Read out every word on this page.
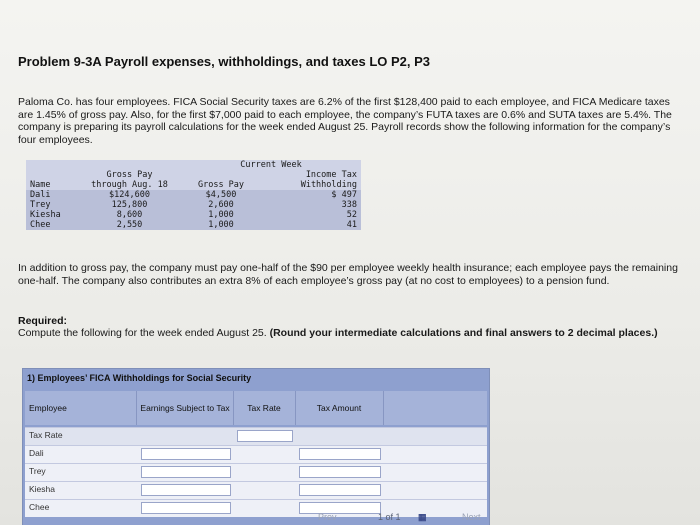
Problem 9-3A Payroll expenses, withholdings, and taxes LO P2, P3
Paloma Co. has four employees. FICA Social Security taxes are 6.2% of the first $128,400 paid to each employee, and FICA Medicare taxes are 1.45% of gross pay. Also, for the first $7,000 paid to each employee, the company’s FUTA taxes are 0.6% and SUTA taxes are 5.4%. The company is preparing its payroll calculations for the week ended August 25. Payroll records show the following information for the company’s four employees.
		Current Week	
	Gross Pay		Income Tax
Name	through Aug. 18	Gross Pay	Withholding
Dali	$124,600	$4,500	$ 497
Trey	125,800	2,600	338
Kiesha	8,600	1,000	52
Chee	2,550	1,000	41
In addition to gross pay, the company must pay one-half of the $90 per employee weekly health insurance; each employee pays the remaining one-half. The company also contributes an extra 8% of each employee’s gross pay (at no cost to employees) to a pension fund.
Required:
Compute the following for the week ended August 25. (Round your intermediate calculations and final answers to 2 decimal places.)
1) Employees’ FICA Withholdings for Social Security
Employee	Earnings Subject to Tax	Tax Rate	Tax Amount
Tax Rate
Dali
Trey
Kiesha
Chee
Prev	1 of 1 ▦	Next
